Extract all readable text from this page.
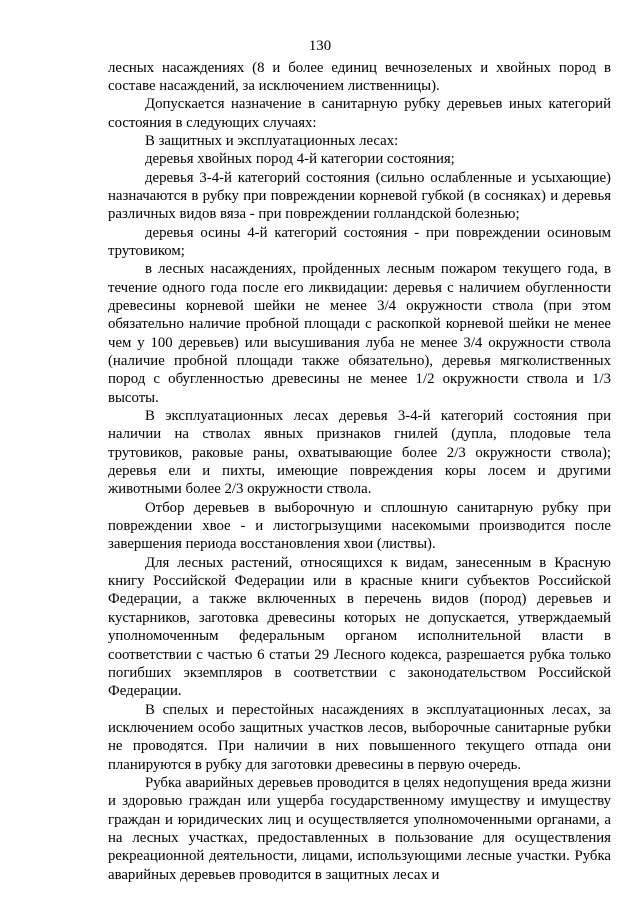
130

лесных насаждениях (8 и более единиц вечнозеленых и хвойных пород в составе насаждений, за исключением лиственницы).

Допускается назначение в санитарную рубку деревьев иных категорий состояния в следующих случаях:

В защитных и эксплуатационных лесах:

деревья хвойных пород 4-й категории состояния;

деревья 3-4-й категорий состояния (сильно ослабленные и усыхающие) назначаются в рубку при повреждении корневой губкой (в сосняках) и деревья различных видов вяза - при повреждении голландской болезнью;

деревья осины 4-й категорий состояния - при повреждении осиновым трутовиком;

в лесных насаждениях, пройденных лесным пожаром текущего года, в течение одного года после его ликвидации: деревья с наличием обугленности древесины корневой шейки не менее 3/4 окружности ствола (при этом обязательно наличие пробной площади с раскопкой корневой шейки не менее чем у 100 деревьев) или высушивания луба не менее 3/4 окружности ствола (наличие пробной площади также обязательно), деревья мягколиственных пород с обугленностью древесины не менее 1/2 окружности ствола и 1/3 высоты.

В эксплуатационных лесах деревья 3-4-й категорий состояния при наличии на стволах явных признаков гнилей (дупла, плодовые тела трутовиков, раковые раны, охватывающие более 2/3 окружности ствола); деревья ели и пихты, имеющие повреждения коры лосем и другими животными более 2/3 окружности ствола.

Отбор деревьев в выборочную и сплошную санитарную рубку при повреждении хвое - и листогрызущими насекомыми производится после завершения периода восстановления хвои (листвы).

Для лесных растений, относящихся к видам, занесенным в Красную книгу Российской Федерации или в красные книги субъектов Российской Федерации, а также включенных в перечень видов (пород) деревьев и кустарников, заготовка древесины которых не допускается, утверждаемый уполномоченным федеральным органом исполнительной власти в соответствии с частью 6 статьи 29 Лесного кодекса, разрешается рубка только погибших экземпляров в соответствии с законодательством Российской Федерации.

В спелых и перестойных насаждениях в эксплуатационных лесах, за исключением особо защитных участков лесов, выборочные санитарные рубки не проводятся. При наличии в них повышенного текущего отпада они планируются в рубку для заготовки древесины в первую очередь.

Рубка аварийных деревьев проводится в целях недопущения вреда жизни и здоровью граждан или ущерба государственному имуществу и имуществу граждан и юридических лиц и осуществляется уполномоченными органами, а на лесных участках, предоставленных в пользование для осуществления рекреационной деятельности, лицами, использующими лесные участки. Рубка аварийных деревьев проводится в защитных лесах и
